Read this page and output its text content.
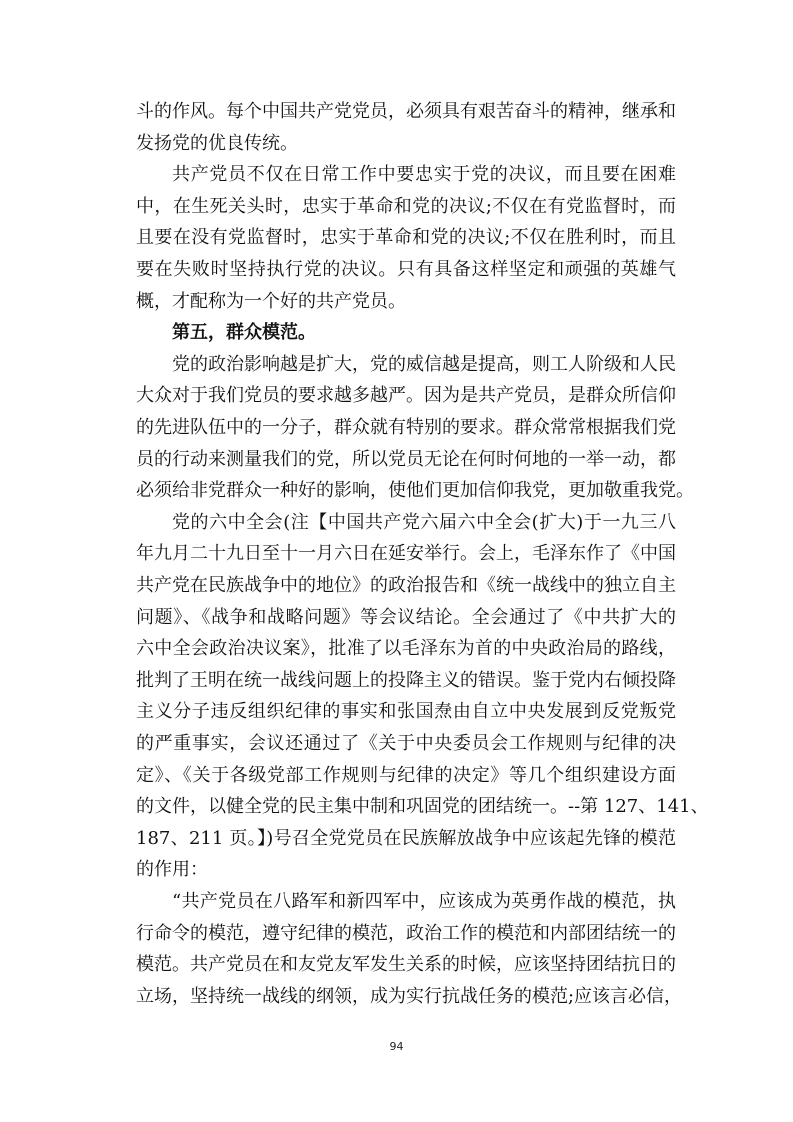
斗的作风。每个中国共产党党员，必须具有艰苦奋斗的精神，继承和
发扬党的优良传统。
共产党员不仅在日常工作中要忠实于党的决议，而且要在困难
中，在生死关头时，忠实于革命和党的决议;不仅在有党监督时，而
且要在没有党监督时，忠实于革命和党的决议;不仅在胜利时，而且
要在失败时坚持执行党的决议。只有具备这样坚定和顽强的英雄气
概，才配称为一个好的共产党员。
第五，群众模范。
党的政治影响越是扩大，党的威信越是提高，则工人阶级和人民
大众对于我们党员的要求越多越严。因为是共产党员，是群众所信仰
的先进队伍中的一分子，群众就有特别的要求。群众常常根据我们党
员的行动来测量我们的党，所以党员无论在何时何地的一举一动，都
必须给非党群众一种好的影响，使他们更加信仰我党，更加敬重我党。
党的六中全会(注【中国共产党六届六中全会(扩大)于一九三八
年九月二十九日至十一月六日在延安举行。会上，毛泽东作了《中国
共产党在民族战争中的地位》的政治报告和《统一战线中的独立自主
问题》、《战争和战略问题》等会议结论。全会通过了《中共扩大的
六中全会政治决议案》，批准了以毛泽东为首的中央政治局的路线，
批判了王明在统一战线问题上的投降主义的错误。鉴于党内右倾投降
主义分子违反组织纪律的事实和张国焘由自立中央发展到反党叛党
的严重事实，会议还通过了《关于中央委员会工作规则与纪律的决
定》、《关于各级党部工作规则与纪律的决定》等几个组织建设方面
的文件，以健全党的民主集中制和巩固党的团结统一。--第 127、141、
187、211 页。】)号召全党党员在民族解放战争中应该起先锋的模范
的作用：
“共产党员在八路军和新四军中，应该成为英勇作战的模范，执
行命令的模范，遵守纪律的模范，政治工作的模范和内部团结统一的
94
模范。共产党员在和友党友军发生关系的时候，应该坚持团结抗日的
立场，坚持统一战线的纲领，成为实行抗战任务的模范;应该言必信，
